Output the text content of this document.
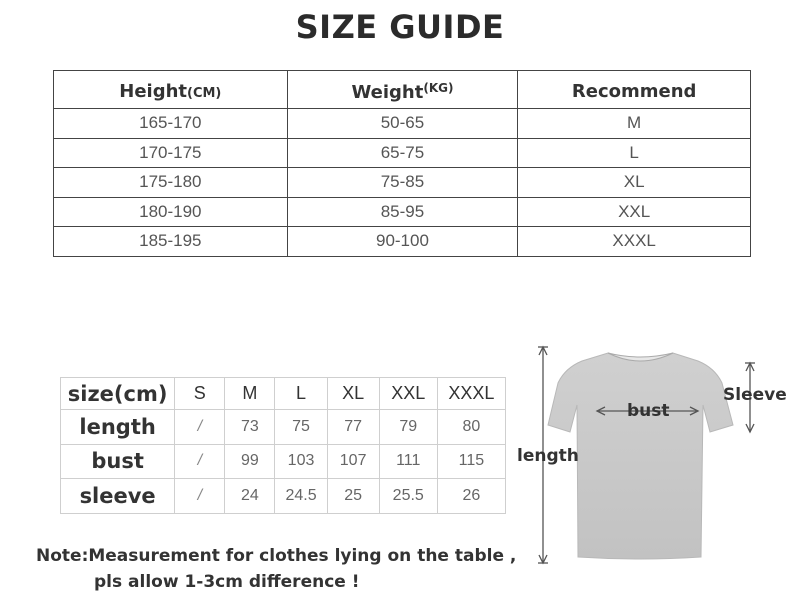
SIZE GUIDE
Height(CM)	Weight$^{(KG)}$	Recommend
165-170	50-65	M
170-175	65-75	L
175-180	75-85	XL
180-190	85-95	XXL
185-195	90-100	XXXL
size(cm)	S	M	L	XL	XXL	XXXL
length	/	73	75	77	79	80
bust	/	99	103	107	111	115
sleeve	/	24	24.5	25	25.5	26
bust
length
Sleeve
Note:Measurement for clothes lying on the table ,
pls allow 1-3cm difference !
